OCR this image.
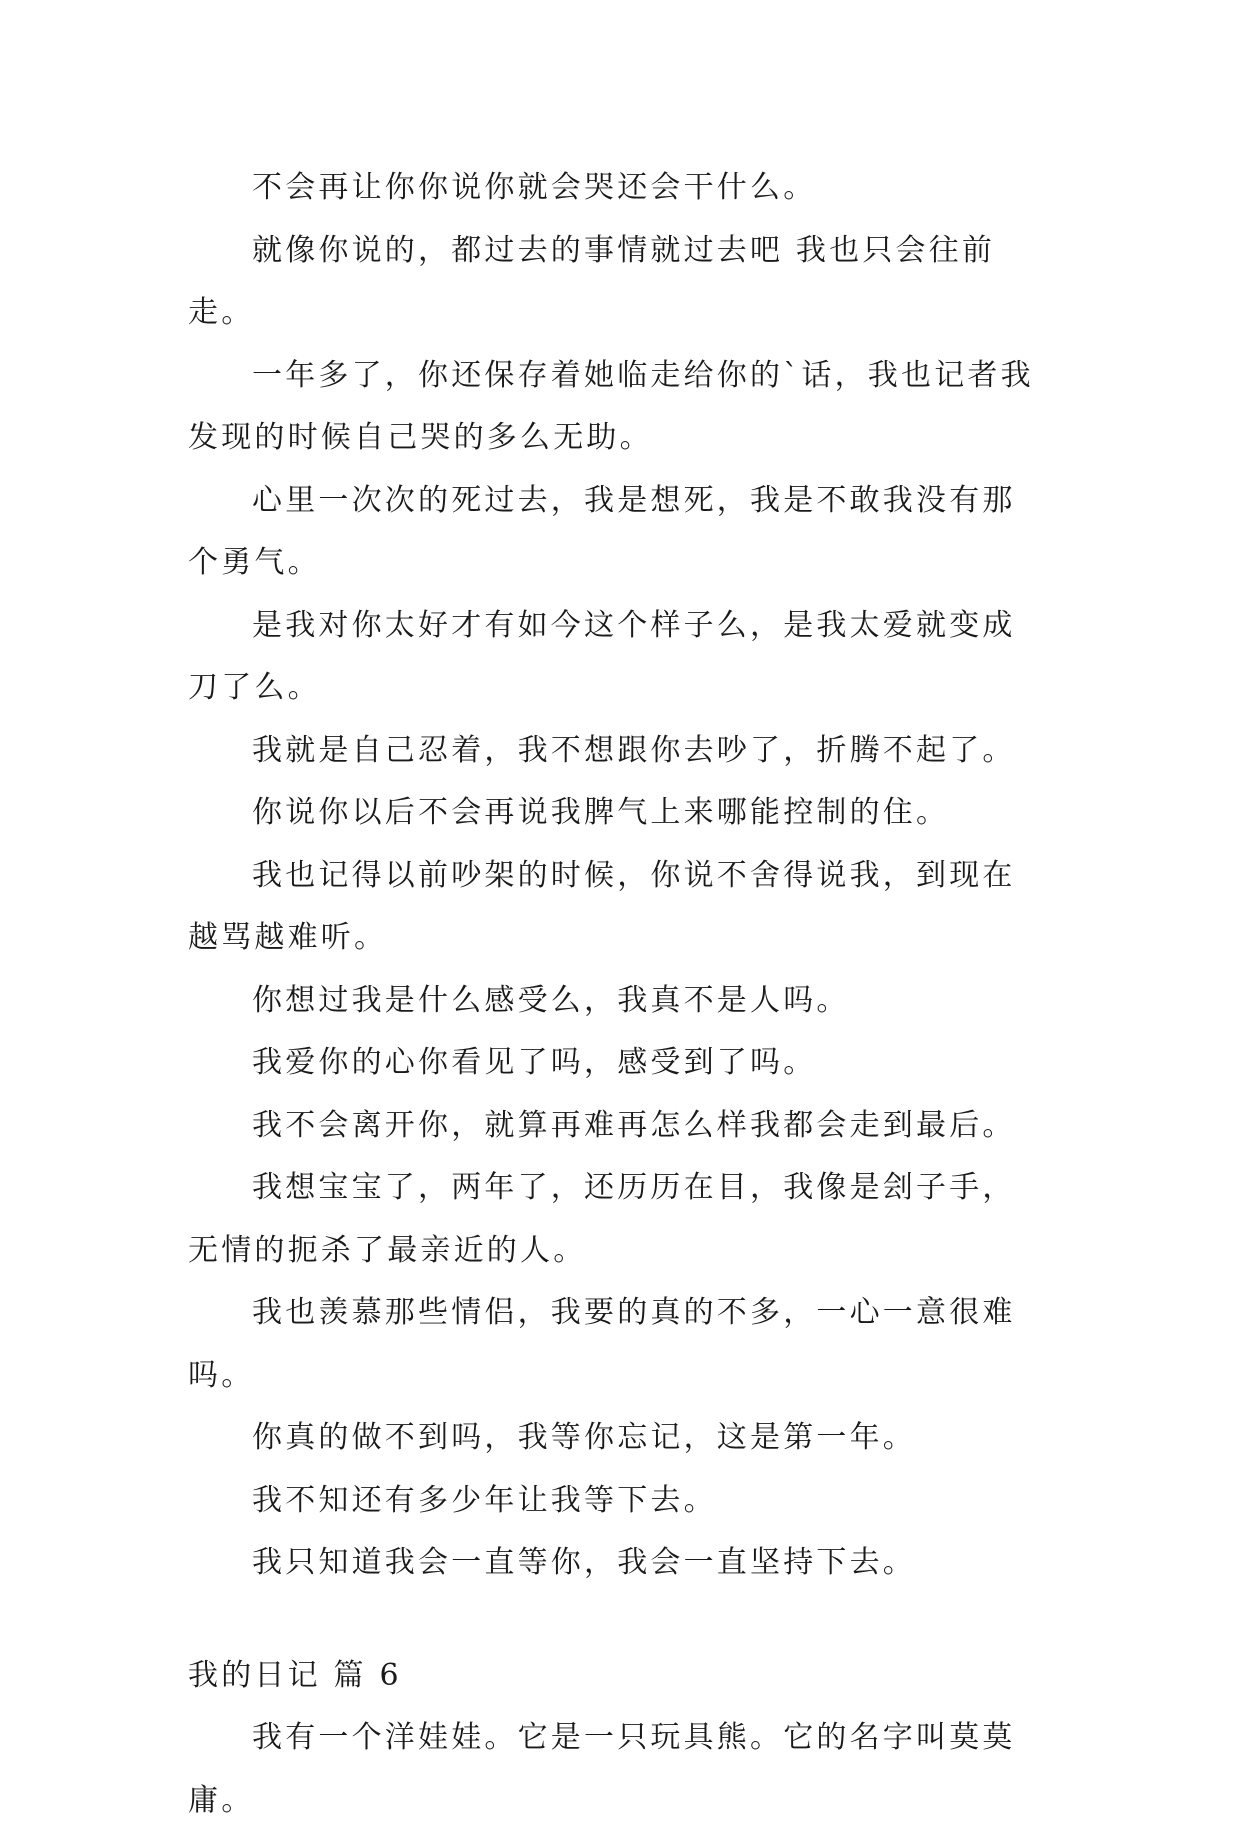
不会再让你你说你就会哭还会干什么。

就像你说的，都过去的事情就过去吧 我也只会往前走。

一年多了，你还保存着她临走给你的`话，我也记者我发现的时候自己哭的多么无助。

心里一次次的死过去，我是想死，我是不敢我没有那个勇气。

是我对你太好才有如今这个样子么，是我太爱就变成刀了么。

我就是自己忍着，我不想跟你去吵了，折腾不起了。

你说你以后不会再说我脾气上来哪能控制的住。

我也记得以前吵架的时候，你说不舍得说我，到现在越骂越难听。

你想过我是什么感受么，我真不是人吗。

我爱你的心你看见了吗，感受到了吗。

我不会离开你，就算再难再怎么样我都会走到最后。

我想宝宝了，两年了，还历历在目，我像是刽子手，无情的扼杀了最亲近的人。

我也羡慕那些情侣，我要的真的不多，一心一意很难吗。

你真的做不到吗，我等你忘记，这是第一年。

我不知还有多少年让我等下去。

我只知道我会一直等你，我会一直坚持下去。

我的日记 篇 6

我有一个洋娃娃。它是一只玩具熊。它的名字叫莫莫庸。
